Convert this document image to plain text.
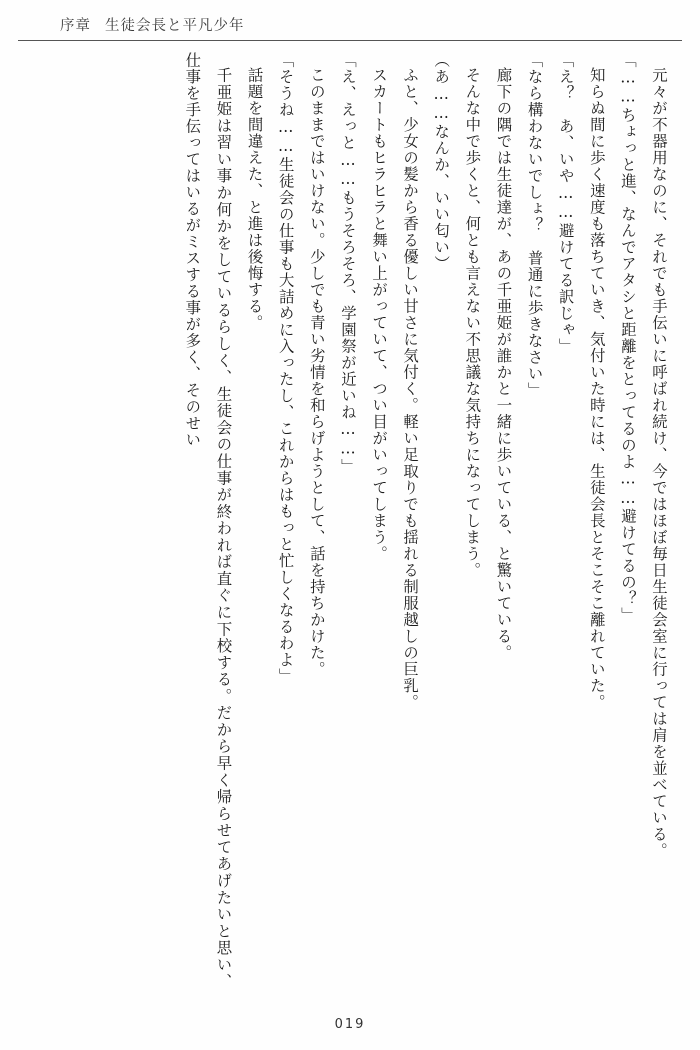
序章 生徒会長と平凡少年

元々が不器用なのに、それでも手伝いに呼ばれ続け、今ではほぼ毎日生徒会室に行っては肩を並べている。

「……ちょっと進、なんでアタシと距離をとってるのよ……避けてるの？」

知らぬ間に歩く速度も落ちていき、気付いた時には、生徒会長とそこそこ離れていた。

「え？　あ、いや……避けてる訳じゃ」

「なら構わないでしょ？　普通に歩きなさい」

廊下の隅では生徒達が、あの千亜姫が誰かと一緒に歩いている、と驚いている。

そんな中で歩くと、何とも言えない不思議な気持ちになってしまう。

（あ……なんか、いい匂い）

ふと、少女の髪から香る優しい甘さに気付く。軽い足取りでも揺れる制服越しの巨乳。

スカートもヒラヒラと舞い上がっていて、つい目がいってしまう。

「え、えっと……もうそろそろ、学園祭が近いね……」

このままではいけない。少しでも青い劣情を和らげようとして、話を持ちかけた。

「そうね……生徒会の仕事も大詰めに入ったし、これからはもっと忙しくなるわよ」

話題を間違えた、と進は後悔する。

千亜姫は習い事か何かをしているらしく、生徒会の仕事が終われば直ぐに下校する。だから早く帰らせてあげたいと思い、仕事を手伝ってはいるがミスする事が多く、そのせい

019
